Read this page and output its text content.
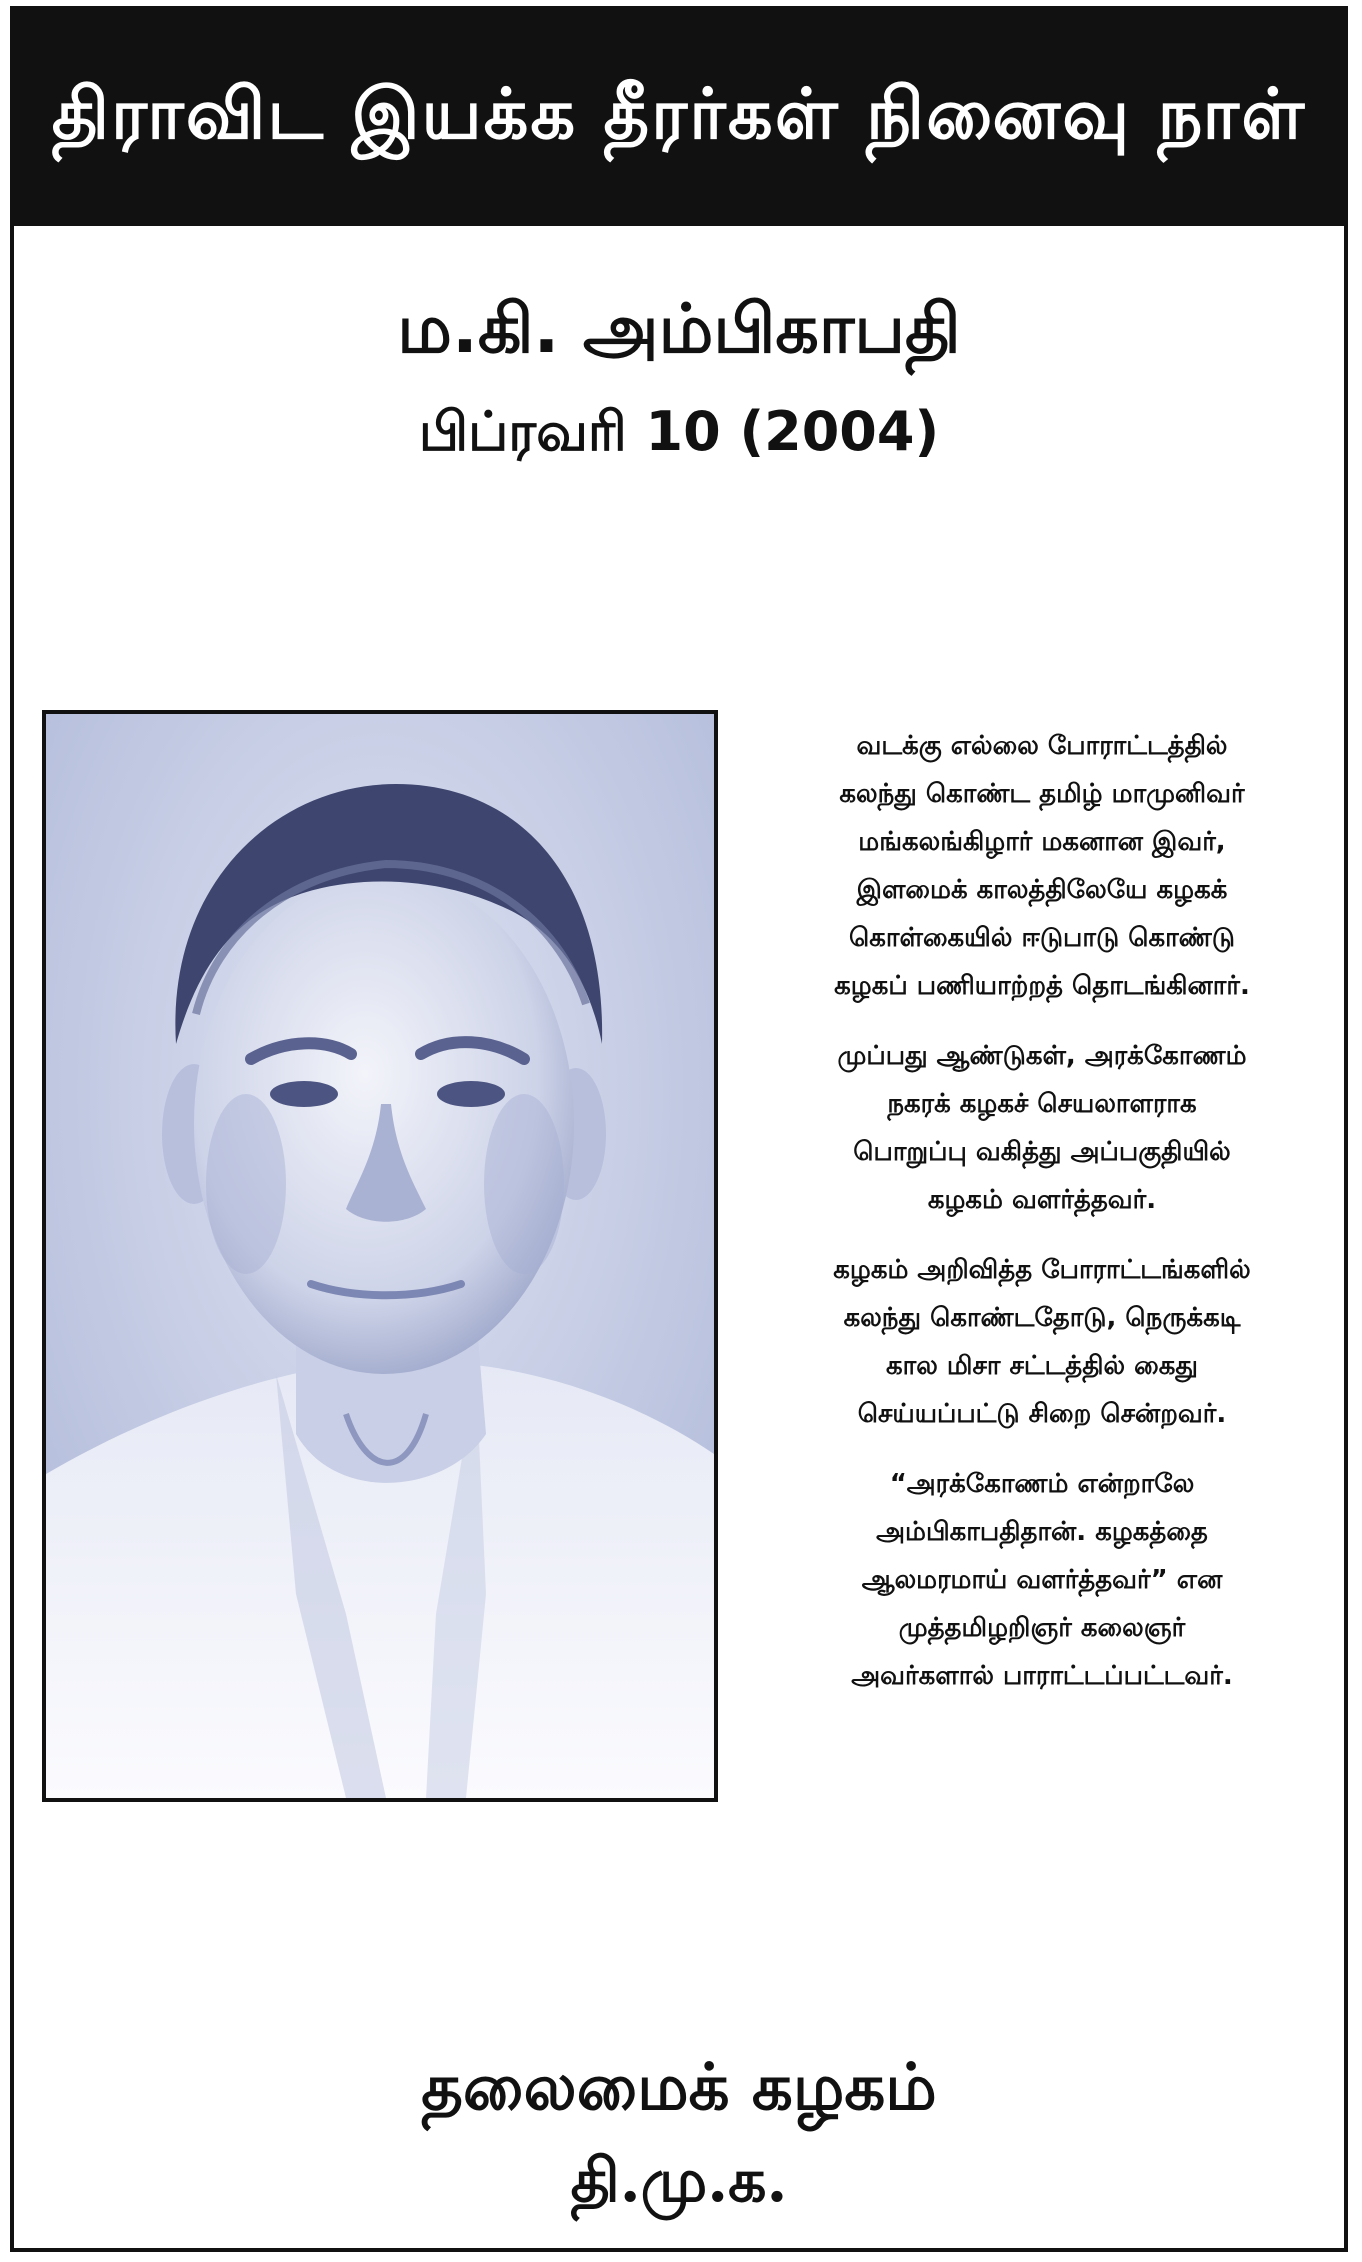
திராவிட இயக்க தீரர்கள் நினைவு நாள்
ம.கி. அம்பிகாபதி
பிப்ரவரி 10 (2004)

வடக்கு எல்லை போராட்டத்தில்
கலந்து கொண்ட தமிழ் மாமுனிவர்
மங்கலங்கிழார் மகனான இவர்,
இளமைக் காலத்திலேயே கழகக்
கொள்கையில் ஈடுபாடு கொண்டு
கழகப் பணியாற்றத் தொடங்கினார்.

முப்பது ஆண்டுகள், அரக்கோணம்
நகரக் கழகச் செயலாளராக
பொறுப்பு வகித்து அப்பகுதியில்
கழகம் வளர்த்தவர்.

கழகம் அறிவித்த போராட்டங்களில்
கலந்து கொண்டதோடு, நெருக்கடி
கால மிசா சட்டத்தில் கைது
செய்யப்பட்டு சிறை சென்றவர்.

“அரக்கோணம் என்றாலே
அம்பிகாபதிதான். கழகத்தை
ஆலமரமாய் வளர்த்தவர்” என
முத்தமிழறிஞர் கலைஞர்
அவர்களால் பாராட்டப்பட்டவர்.

தலைமைக் கழகம்
தி.மு.க.
